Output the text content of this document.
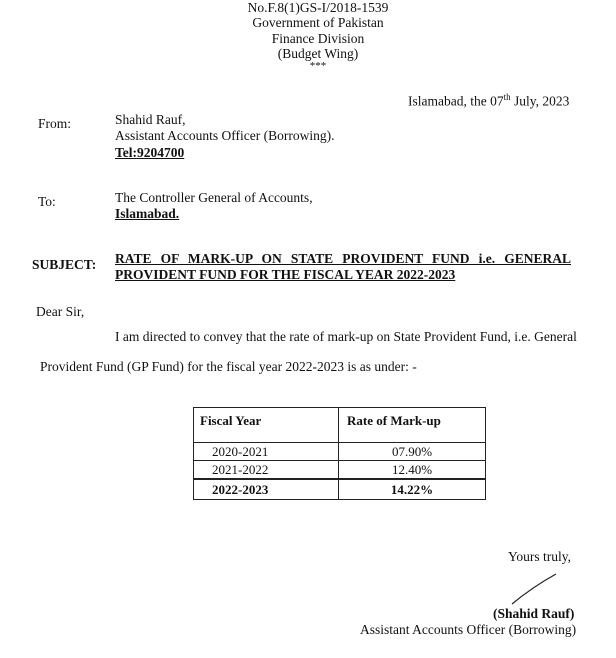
No.F.8(1)GS-I/2018-1539
Government of Pakistan
Finance Division
(Budget Wing)
***
Islamabad, the 07th July, 2023
From:	Shahid Rauf,
Assistant Accounts Officer (Borrowing).
Tel:9204700
To:	The Controller General of Accounts,
Islamabad.
SUBJECT: RATE OF MARK-UP ON STATE PROVIDENT FUND i.e. GENERAL
PROVIDENT FUND FOR THE FISCAL YEAR 2022-2023
Dear Sir,
I am directed to convey that the rate of mark-up on State Provident Fund, i.e. General
Provident Fund (GP Fund) for the fiscal year 2022-2023 is as under: -
Fiscal Year	Rate of Mark-up
2020-2021	07.90%
2021-2022	12.40%
2022-2023	14.22%
Yours truly,
(Shahid Rauf)
Assistant Accounts Officer (Borrowing)
